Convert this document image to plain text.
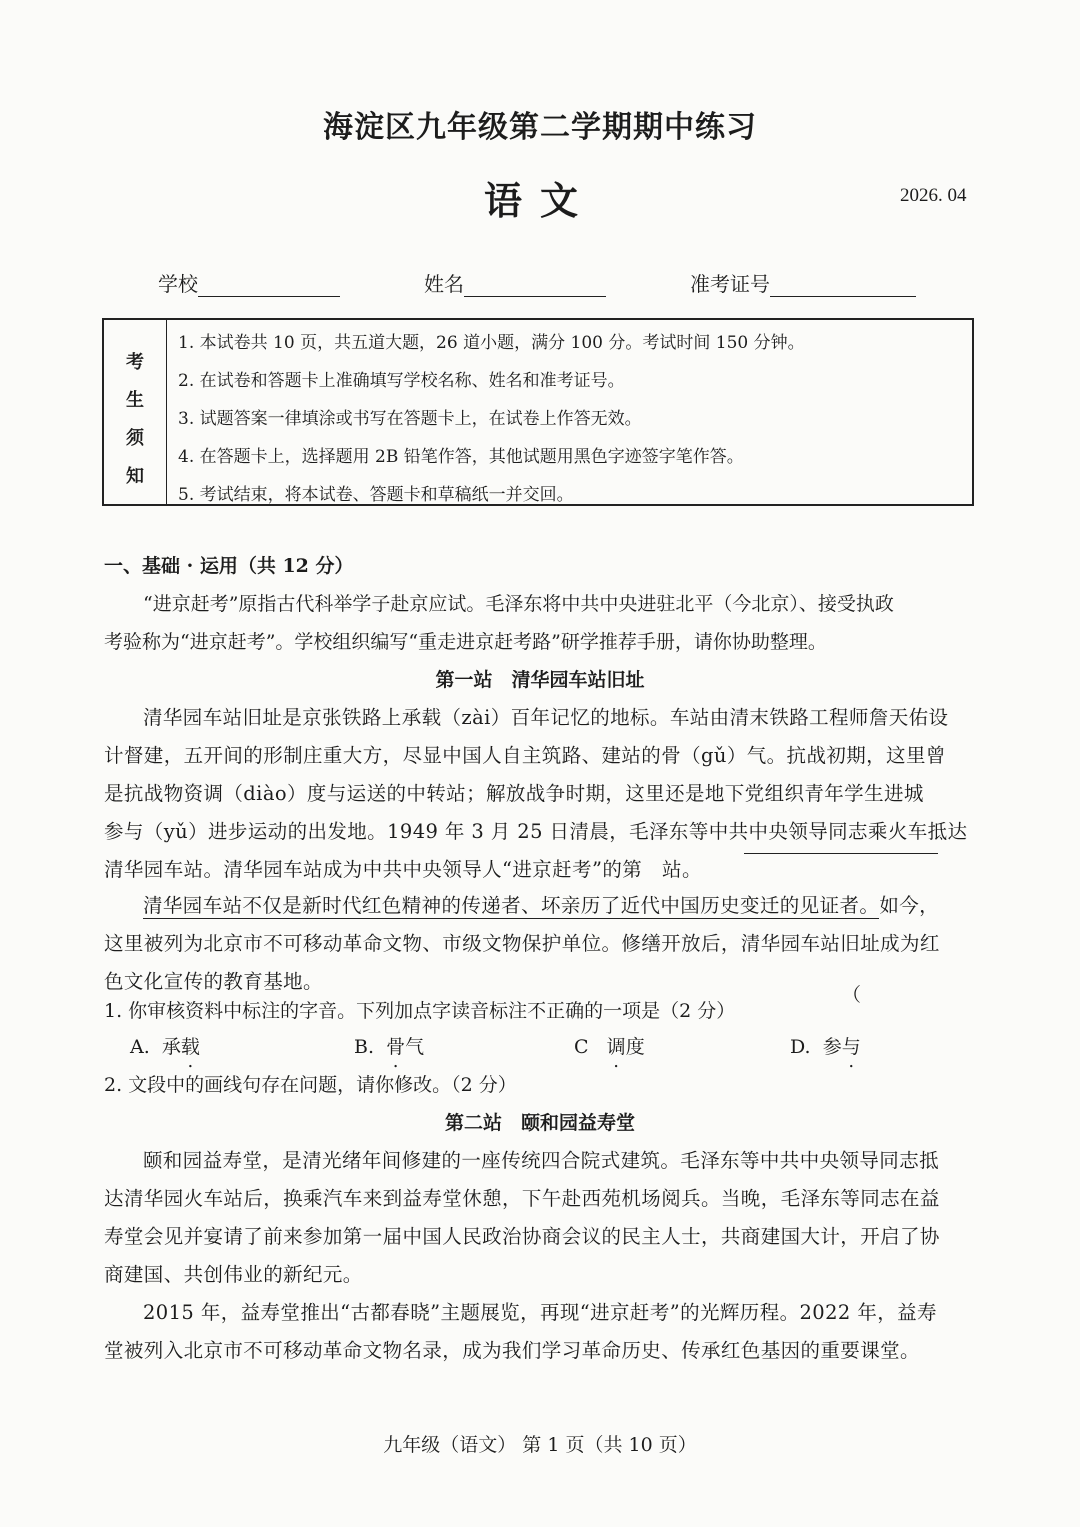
海淀区九年级第二学期期中练习
语文	2026. 04
学校	姓名	准考证号
考
生
须
知
1. 本试卷共 10 页，共五道大题，26 道小题，满分 100 分。考试时间 150 分钟。
2. 在试卷和答题卡上准确填写学校名称、姓名和准考证号。
3. 试题答案一律填涂或书写在答题卡上，在试卷上作答无效。
4. 在答题卡上，选择题用 2B 铅笔作答，其他试题用黑色字迹签字笔作答。
5. 考试结束，将本试卷、答题卡和草稿纸一并交回。
一、基础 · 运用（共 12 分）
“进京赶考”原指古代科举学子赴京应试。毛泽东将中共中央进驻北平（今北京）、接受执政
考验称为“进京赶考”。学校组织编写“重走进京赶考路”研学推荐手册，请你协助整理。
第一站　清华园车站旧址
清华园车站旧址是京张铁路上承载（zài）百年记忆的地标。车站由清末铁路工程师詹天佑设
计督建，五开间的形制庄重大方，尽显中国人自主筑路、建站的骨（gǔ）气。抗战初期，这里曾
是抗战物资调（diào）度与运送的中转站；解放战争时期，这里还是地下党组织青年学生进城
参与（yǔ）进步运动的出发地。1949 年 3 月 25 日清晨，毛泽东等中共中央领导同志乘火车抵达
清华园车站。清华园车站成为中共中央领导人“进京赶考”的第　站。
清华园车站不仅是新时代红色精神的传递者、坏亲历了近代中国历史变迁的见证者。如今，
这里被列为北京市不可移动革命文物、市级文物保护单位。修缮开放后，清华园车站旧址成为红
色文化宣传的教育基地。
1. 你审核资料中标注的字音。下列加点字读音标注不正确的一项是（2 分）
（
A. 承载	B. 骨气	C 调度	D. 参与
2. 文段中的画线句存在问题，请你修改。（2 分）
第二站　颐和园益寿堂
颐和园益寿堂，是清光绪年间修建的一座传统四合院式建筑。毛泽东等中共中央领导同志抵
达清华园火车站后，换乘汽车来到益寿堂休憩，下午赴西苑机场阅兵。当晚，毛泽东等同志在益
寿堂会见并宴请了前来参加第一届中国人民政治协商会议的民主人士，共商建国大计，开启了协
商建国、共创伟业的新纪元。
2015 年，益寿堂推出“古都春晓”主题展览，再现“进京赶考”的光辉历程。2022 年，益寿
堂被列入北京市不可移动革命文物名录，成为我们学习革命历史、传承红色基因的重要课堂。
九年级（语文） 第 1 页（共 10 页）
